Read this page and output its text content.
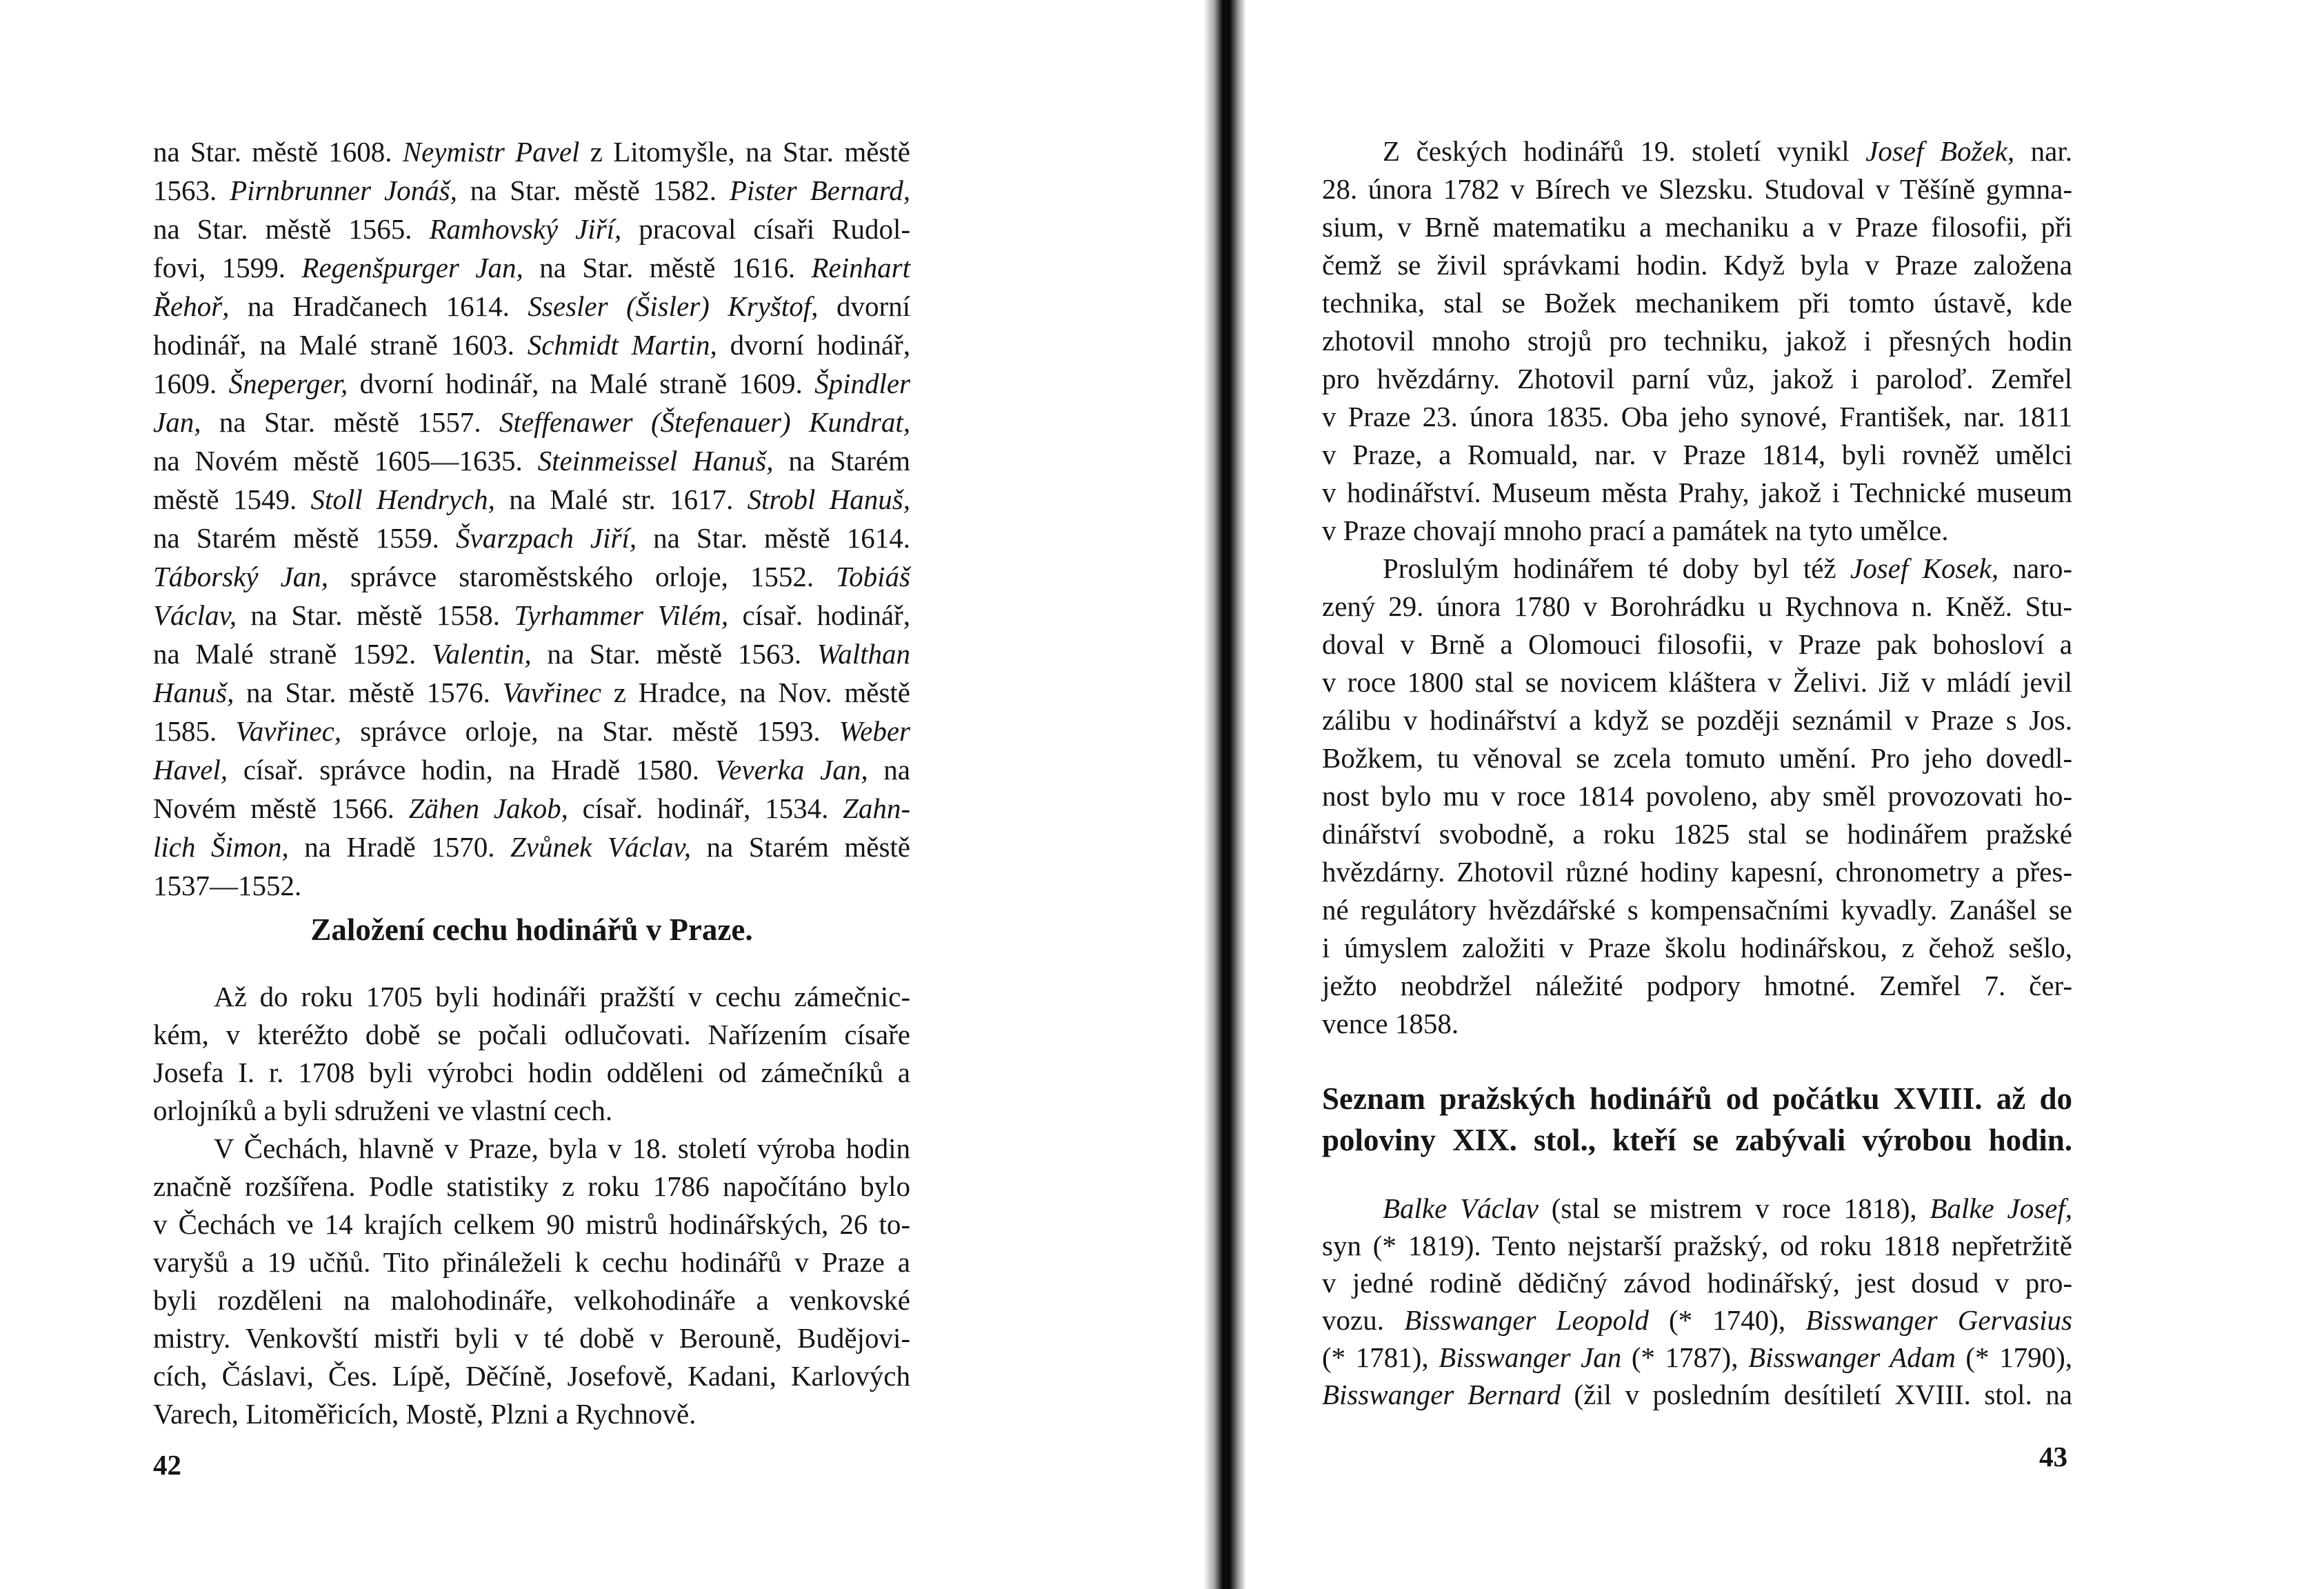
na Star. městě 1608. Neymistr Pavel z Litomyšle, na Star. městě
1563. Pirnbrunner Jonáš, na Star. městě 1582. Pister Bernard,
na Star. městě 1565. Ramhovský Jiří, pracoval císaři Rudol-
fovi, 1599. Regenšpurger Jan, na Star. městě 1616. Reinhart
Řehoř, na Hradčanech 1614. Ssesler (Šisler) Kryštof, dvorní
hodinář, na Malé straně 1603. Schmidt Martin, dvorní hodinář,
1609. Šneperger, dvorní hodinář, na Malé straně 1609. Špindler
Jan, na Star. městě 1557. Steffenawer (Štefenauer) Kundrat,
na Novém městě 1605—1635. Steinmeissel Hanuš, na Starém
městě 1549. Stoll Hendrych, na Malé str. 1617. Strobl Hanuš,
na Starém městě 1559. Švarzpach Jiří, na Star. městě 1614.
Táborský Jan, správce staroměstského orloje, 1552. Tobiáš
Václav, na Star. městě 1558. Tyrhammer Vilém, císař. hodinář,
na Malé straně 1592. Valentin, na Star. městě 1563. Walthan
Hanuš, na Star. městě 1576. Vavřinec z Hradce, na Nov. městě
1585. Vavřinec, správce orloje, na Star. městě 1593. Weber
Havel, císař. správce hodin, na Hradě 1580. Veverka Jan, na
Novém městě 1566. Zähen Jakob, císař. hodinář, 1534. Zahn-
lich Šimon, na Hradě 1570. Zvůnek Václav, na Starém městě
1537—1552.
Založení cechu hodinářů v Praze.
Až do roku 1705 byli hodináři pražští v cechu zámečnic-
kém, v kteréžto době se počali odlučovati. Nařízením císaře
Josefa I. r. 1708 byli výrobci hodin odděleni od zámečníků a
orlojníků a byli sdruženi ve vlastní cech.
V Čechách, hlavně v Praze, byla v 18. století výroba hodin
značně rozšířena. Podle statistiky z roku 1786 napočítáno bylo
v Čechách ve 14 krajích celkem 90 mistrů hodinářských, 26 to-
varyšů a 19 učňů. Tito přináleželi k cechu hodinářů v Praze a
byli rozděleni na malohodináře, velkohodináře a venkovské
mistry. Venkovští mistři byli v té době v Berouně, Budějovi-
cích, Čáslavi, Čes. Lípě, Děčíně, Josefově, Kadani, Karlových
Varech, Litoměřicích, Mostě, Plzni a Rychnově.
42
Z českých hodinářů 19. století vynikl Josef Božek, nar.
28. února 1782 v Bírech ve Slezsku. Studoval v Těšíně gymna-
sium, v Brně matematiku a mechaniku a v Praze filosofii, při
čemž se živil správkami hodin. Když byla v Praze založena
technika, stal se Božek mechanikem při tomto ústavě, kde
zhotovil mnoho strojů pro techniku, jakož i přesných hodin
pro hvězdárny. Zhotovil parní vůz, jakož i paroloď. Zemřel
v Praze 23. února 1835. Oba jeho synové, František, nar. 1811
v Praze, a Romuald, nar. v Praze 1814, byli rovněž umělci
v hodinářství. Museum města Prahy, jakož i Technické museum
v Praze chovají mnoho prací a památek na tyto umělce.
Proslulým hodinářem té doby byl též Josef Kosek, naro-
zený 29. února 1780 v Borohrádku u Rychnova n. Kněž. Stu-
doval v Brně a Olomouci filosofii, v Praze pak bohosloví a
v roce 1800 stal se novicem kláštera v Želivi. Již v mládí jevil
zálibu v hodinářství a když se později seznámil v Praze s Jos.
Božkem, tu věnoval se zcela tomuto umění. Pro jeho dovedl-
nost bylo mu v roce 1814 povoleno, aby směl provozovati ho-
dinářství svobodně, a roku 1825 stal se hodinářem pražské
hvězdárny. Zhotovil různé hodiny kapesní, chronometry a přes-
né regulátory hvězdářské s kompensačními kyvadly. Zanášel se
i úmyslem založiti v Praze školu hodinářskou, z čehož sešlo,
ježto neobdržel náležité podpory hmotné. Zemřel 7. čer-
vence 1858.
Seznam pražských hodinářů od počátku XVIII. až do
poloviny XIX. stol., kteří se zabývali výrobou hodin.
Balke Václav (stal se mistrem v roce 1818), Balke Josef,
syn (* 1819). Tento nejstarší pražský, od roku 1818 nepřetržitě
v jedné rodině dědičný závod hodinářský, jest dosud v pro-
vozu. Bisswanger Leopold (* 1740), Bisswanger Gervasius
(* 1781), Bisswanger Jan (* 1787), Bisswanger Adam (* 1790),
Bisswanger Bernard (žil v posledním desítiletí XVIII. stol. na
43
